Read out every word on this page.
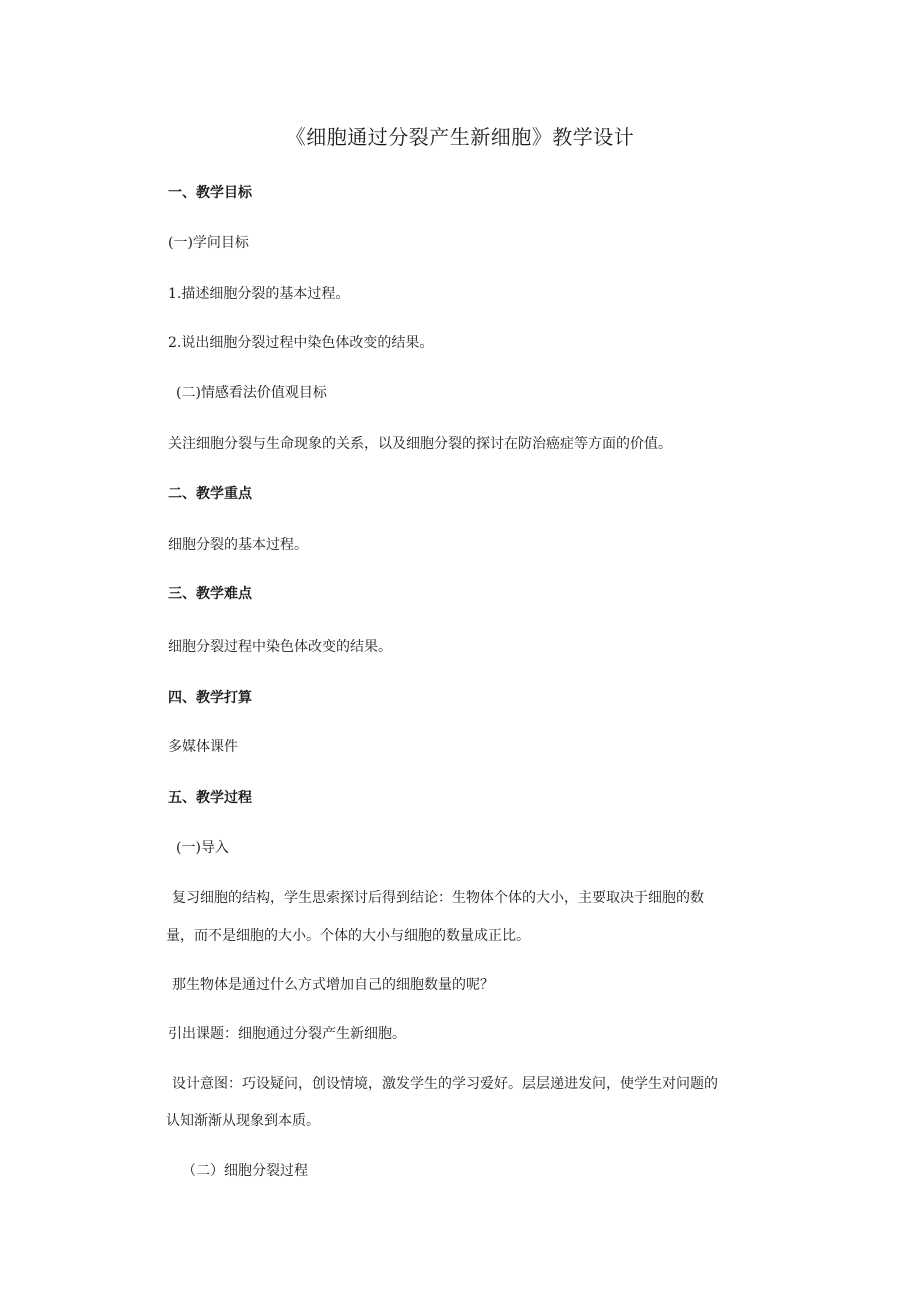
《细胞通过分裂产生新细胞》教学设计
一、教学目标
(一)学问目标
1.描述细胞分裂的基本过程。
2.说出细胞分裂过程中染色体改变的结果。
(二)情感看法价值观目标
关注细胞分裂与生命现象的关系，以及细胞分裂的探讨在防治癌症等方面的价值。
二、教学重点
细胞分裂的基本过程。
三、教学难点
细胞分裂过程中染色体改变的结果。
四、教学打算
多媒体课件
五、教学过程
(一)导入
复习细胞的结构，学生思索探讨后得到结论：生物体个体的大小，主要取决于细胞的数
量，而不是细胞的大小。个体的大小与细胞的数量成正比。
那生物体是通过什么方式增加自己的细胞数量的呢？
引出课题：细胞通过分裂产生新细胞。
设计意图：巧设疑问，创设情境，激发学生的学习爱好。层层递进发问，使学生对问题的
认知渐渐从现象到本质。
（二）细胞分裂过程
